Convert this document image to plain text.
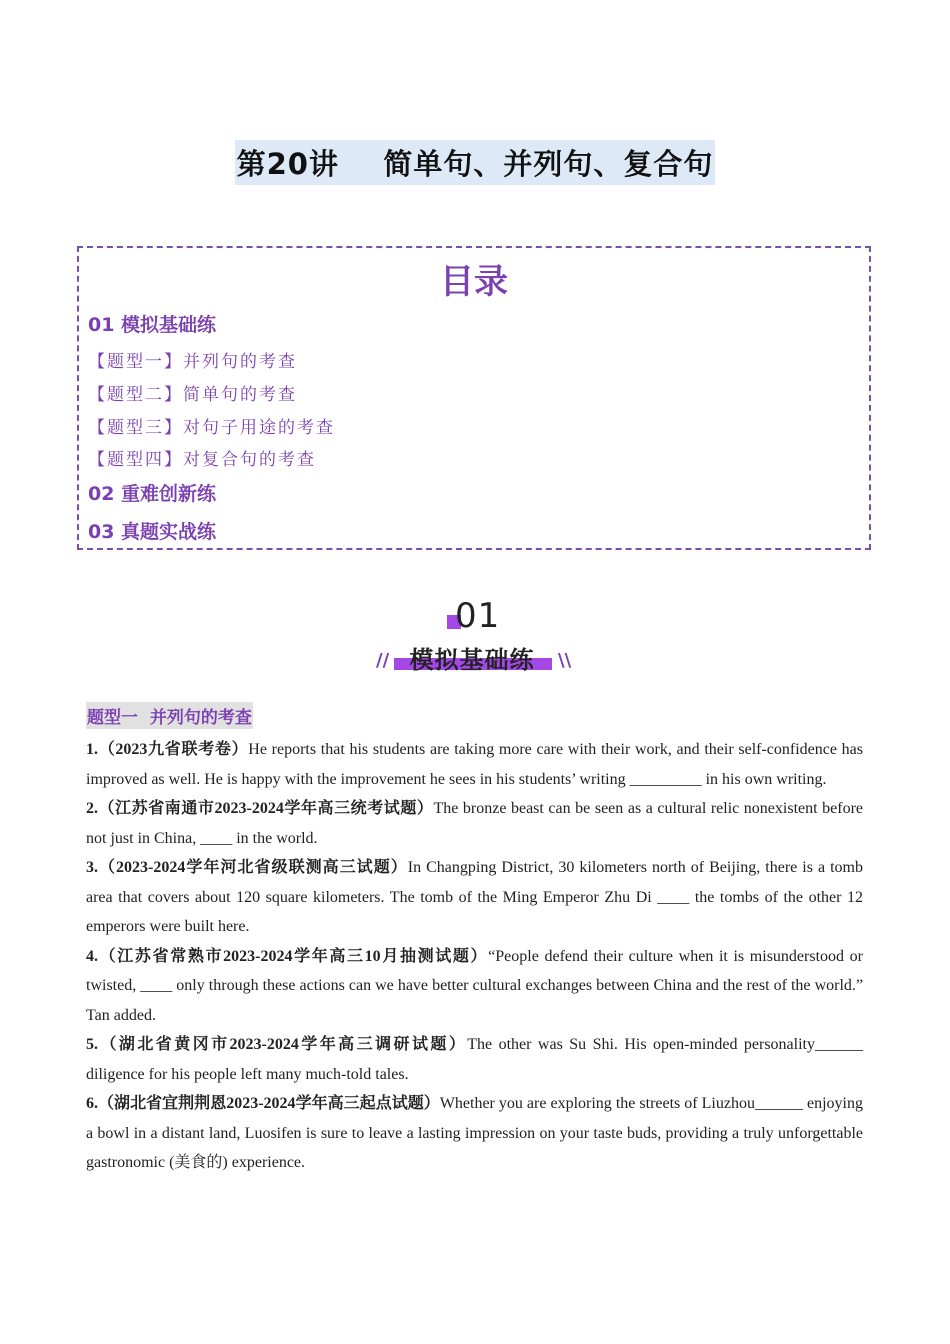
第20讲    简单句、并列句、复合句
目录
01 模拟基础练
【题型一】并列句的考查
【题型二】简单句的考查
【题型三】对句子用途的考查
【题型四】对复合句的考查
02 重难创新练
03 真题实战练
01
// 模拟基础练	\\
题型一  并列句的考查

1.（2023九省联考卷）He reports that his students are taking more care with their work, and their self-confidence has improved as well. He is happy with the improvement he sees in his students’ writing _________ in his own writing.

2.（江苏省南通市2023-2024学年高三统考试题）The bronze beast can be seen as a cultural relic nonexistent before not just in China, ____ in the world.

3.（2023-2024学年河北省级联测高三试题）In Changping District, 30 kilometers north of Beijing, there is a tomb area that covers about 120 square kilometers. The tomb of the Ming Emperor Zhu Di ____ the tombs of the other 12 emperors were built here.

4.（江苏省常熟市2023-2024学年高三10月抽测试题）“People defend their culture when it is misunderstood or twisted, ____ only through these actions can we have better cultural exchanges between China and the rest of the world.” Tan added.

5.（湖北省黄冈市2023-2024学年高三调研试题）The other was Su Shi. His open-minded personality______ diligence for his people left many much-told tales.

6.（湖北省宜荆荆恩2023-2024学年高三起点试题）Whether you are exploring the streets of Liuzhou______ enjoying a bowl in a distant land, Luosifen is sure to leave a lasting impression on your taste buds, providing a truly unforgettable gastronomic (美食的) experience.
